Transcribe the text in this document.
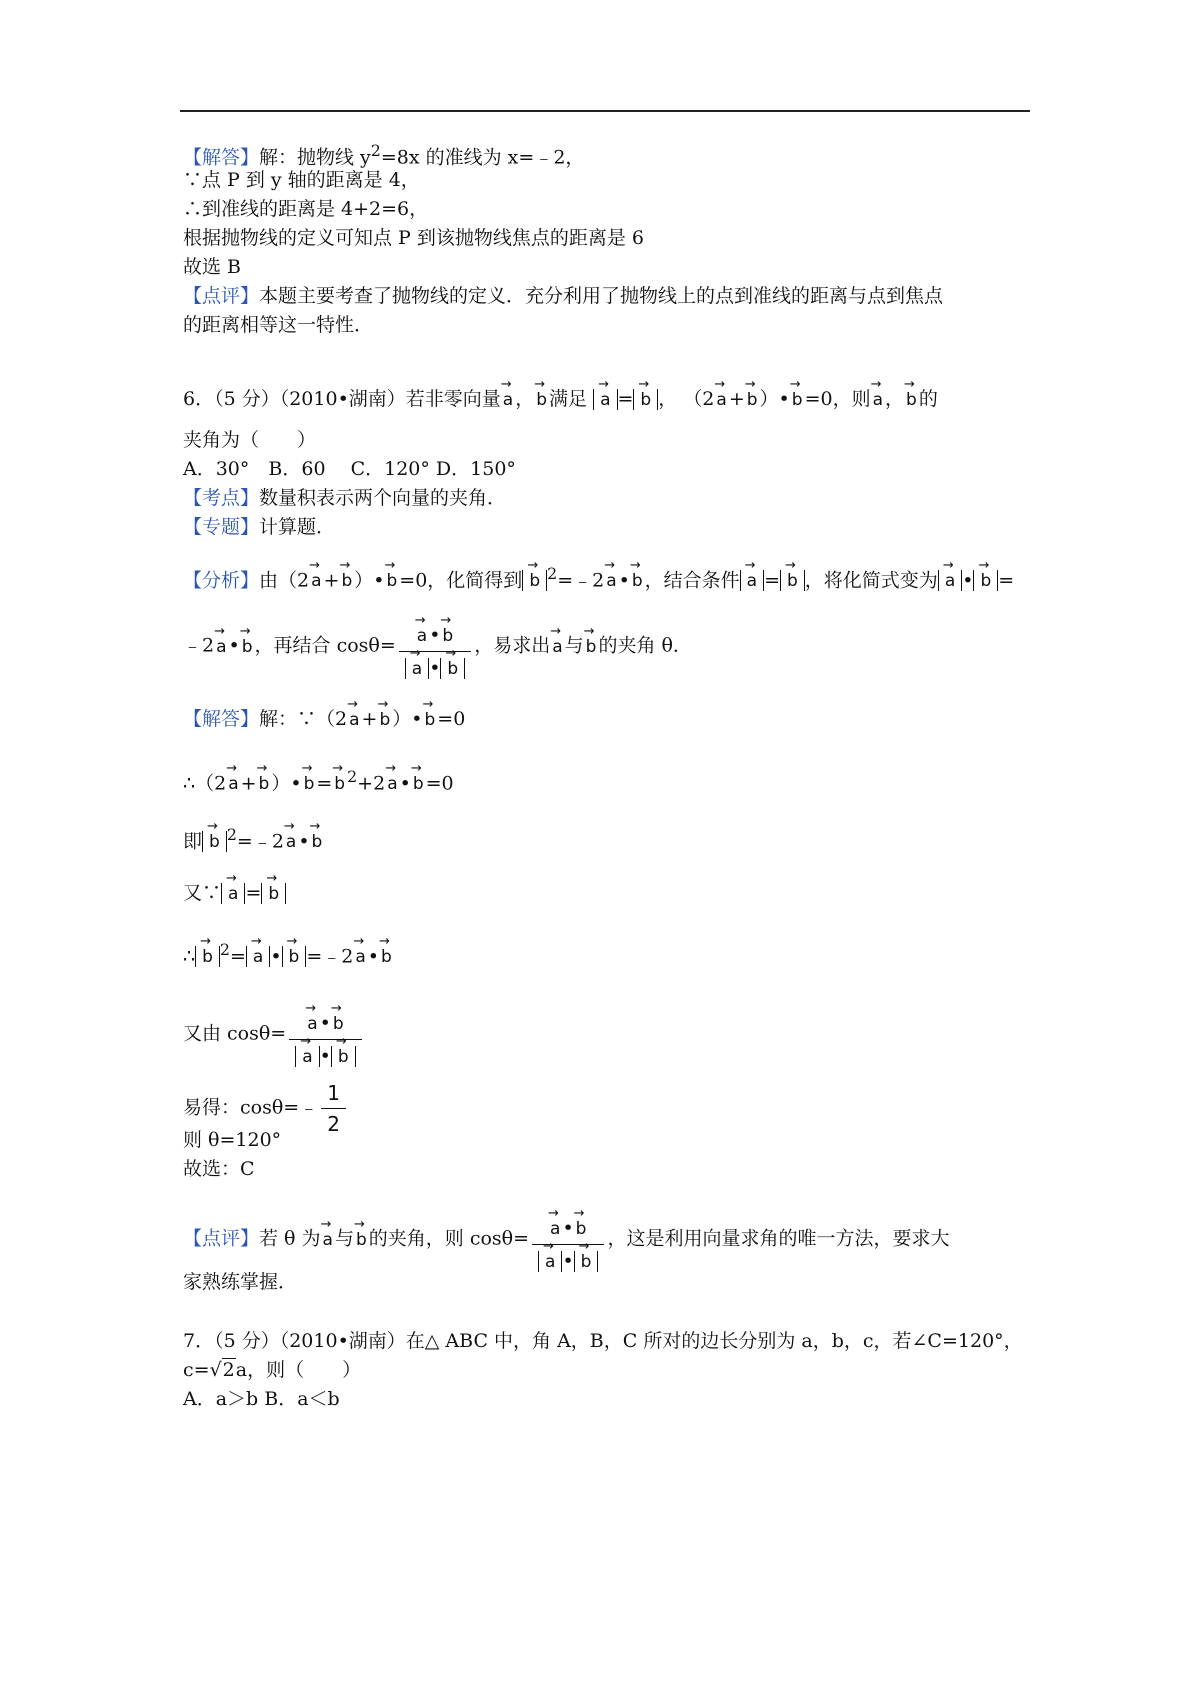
【解答】解：抛物线 $y^2=8x$ 的准线为 x=﹣2，
∵点 P 到 y 轴的距离是 4，
∴到准线的距离是 4+2=6，
根据抛物线的定义可知点 P 到该抛物线焦点的距离是 6
故选 B
【点评】本题主要考查了抛物线的定义．充分利用了抛物线上的点到准线的距离与点到焦点
的距离相等这一特性．
6．（5 分）（2010•湖南）若非零向量 → a ， → b 满足 → a = → b ， （2 → a + → b ）• → b =0，则 → a ， → b 的
夹角为（　　）
A．30°　B．60　 C．120° D．150°
【考点】数量积表示两个向量的夹角．
【专题】计算题．
【分析】由（2 → a + → b ）• → b =0，化简得到 → b $^2$=﹣2 → a • → b ，结合条件 → a = → b ，将化简式变为 → a • → b =
﹣2 → a • → b ，再结合 cosθ= → a • → b
→ a • → b ，易求出 → a 与 → b 的夹角 θ．
【解答】解：∵（2 → a + → b ）• → b =0
∴（2 → a + → b ）• → b = → b $^2$+2 → a • → b =0
即 → b $^2$=﹣2 → a • → b
又∵ → a = → b
∴ → b $^2$= → a • → b =﹣2 → a • → b
又由 cosθ= → a • → b
→ a • → b
易得：cosθ=﹣ $\frac{1}{2}$
则 θ=120°
故选：C
【点评】若 θ 为 → a 与 → b 的夹角，则 cosθ= → a • → b
→ a • → b ，这是利用向量求角的唯一方法，要求大
家熟练掌握．
7．（5 分）（2010•湖南）在△ ABC 中，角 A，B，C 所对的边长分别为 a，b，c，若∠C=120°，
c=√2a，则（　　）
A．a＞b B．a＜b
